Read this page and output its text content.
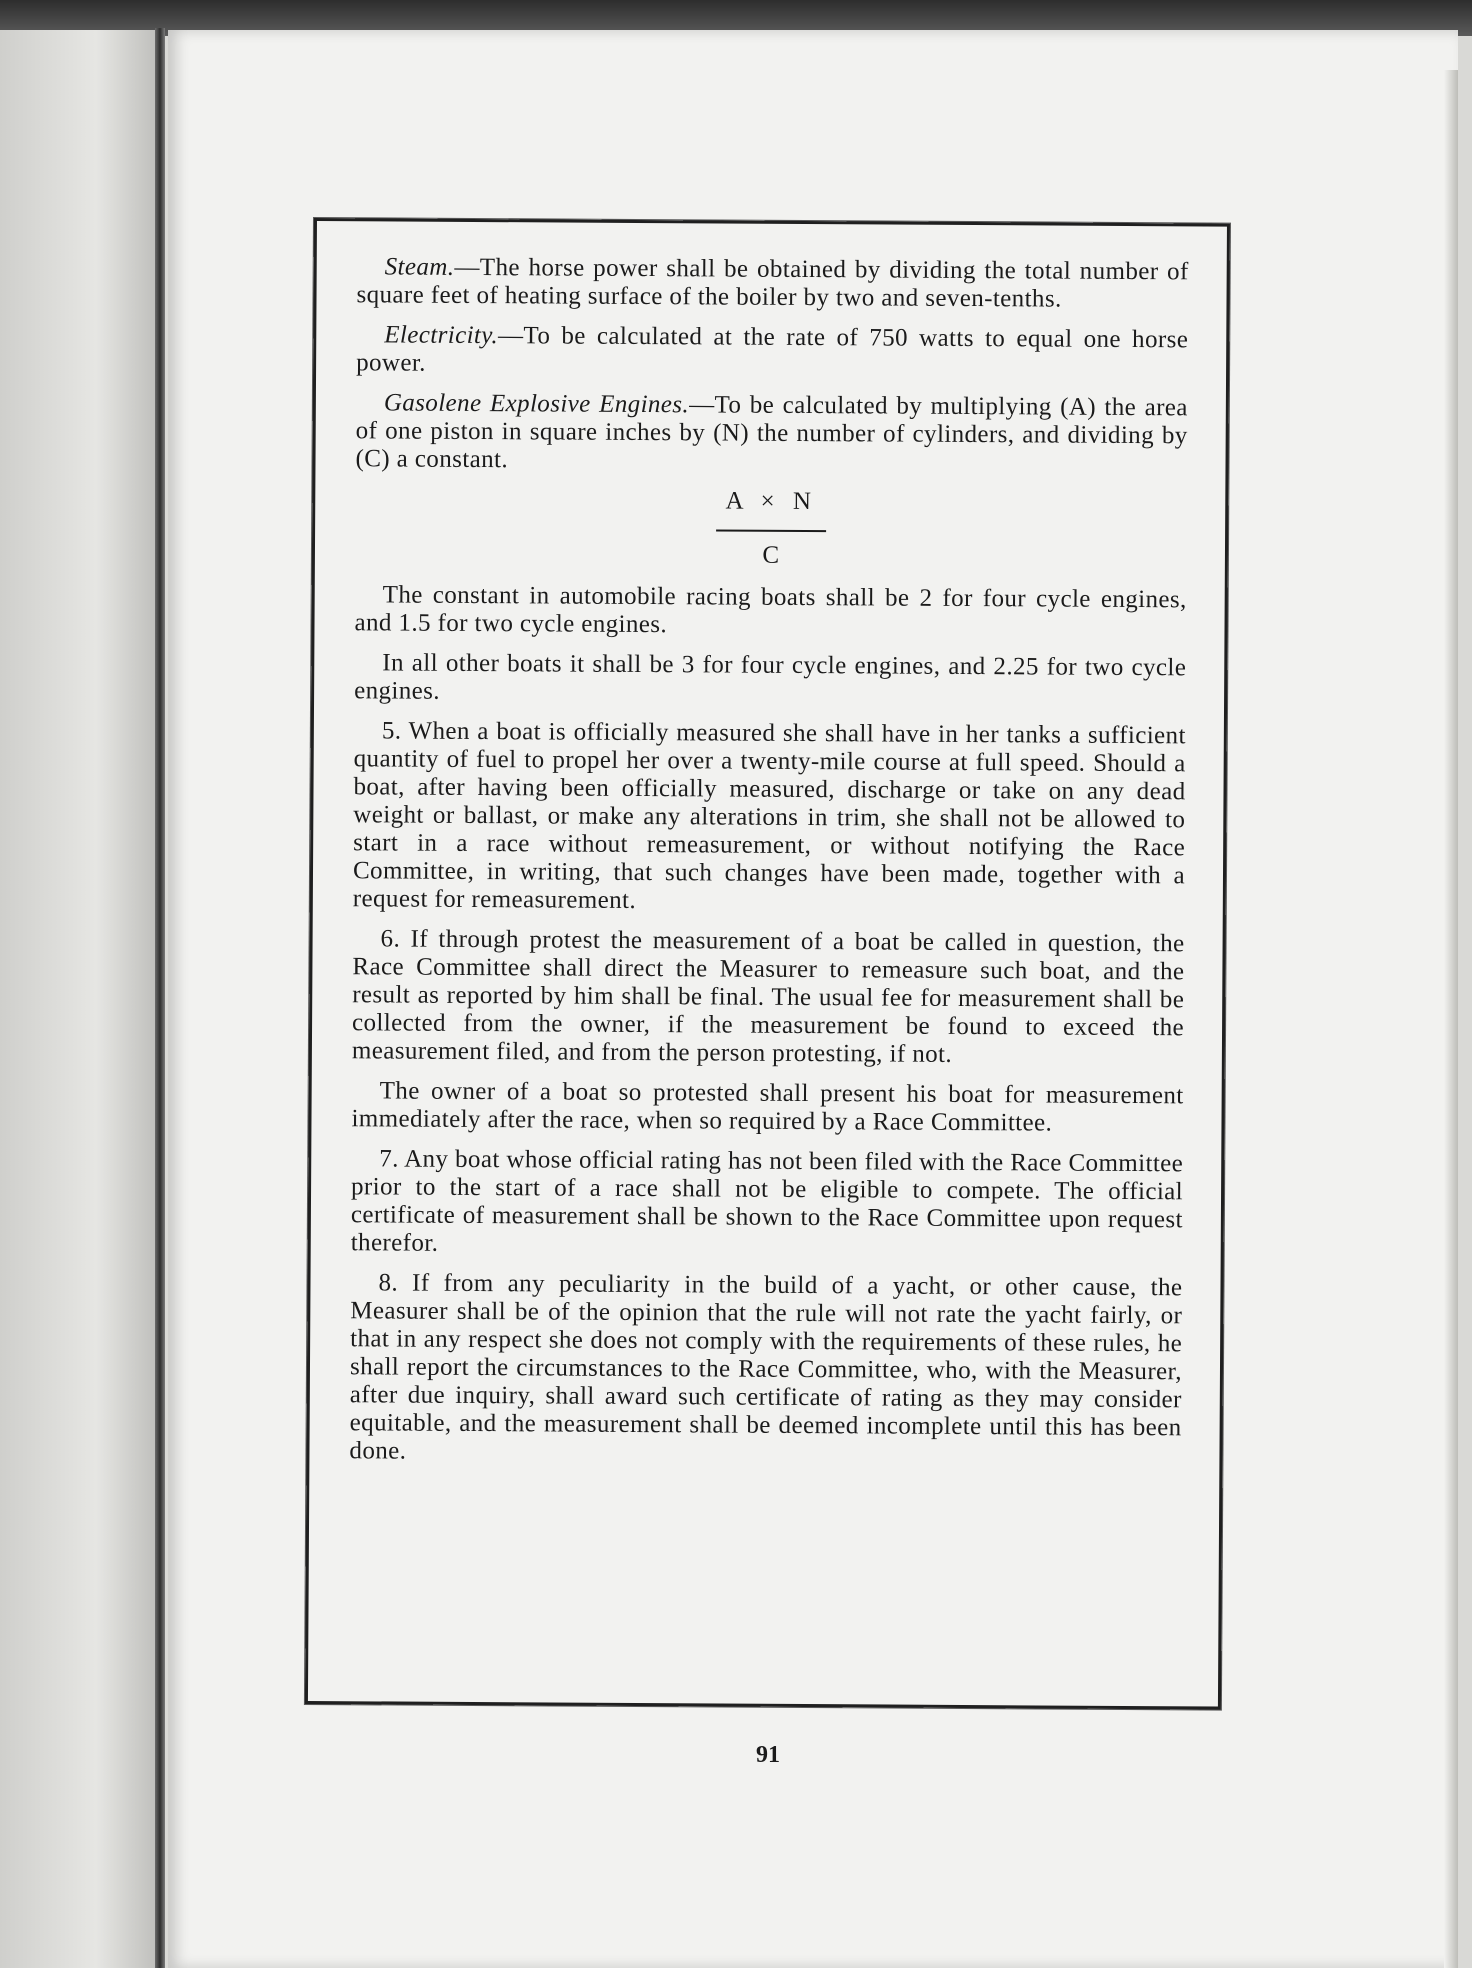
Steam.—The horse power shall be obtained by dividing the total number of square feet of heating surface of the boiler by two and seven-tenths.

Electricity.—To be calculated at the rate of 750 watts to equal one horse power.

Gasolene Explosive Engines.—To be calculated by multiplying (A) the area of one piston in square inches by (N) the number of cylinders, and dividing by (C) a constant.

A × N
C

The constant in automobile racing boats shall be 2 for four cycle engines, and 1.5 for two cycle engines.

In all other boats it shall be 3 for four cycle engines, and 2.25 for two cycle engines.

5. When a boat is officially measured she shall have in her tanks a sufficient quantity of fuel to propel her over a twenty-mile course at full speed. Should a boat, after having been officially measured, discharge or take on any dead weight or ballast, or make any alterations in trim, she shall not be allowed to start in a race without remeasurement, or without notifying the Race Committee, in writing, that such changes have been made, together with a request for remeasurement.

6. If through protest the measurement of a boat be called in question, the Race Committee shall direct the Measurer to remeasure such boat, and the result as reported by him shall be final. The usual fee for measurement shall be collected from the owner, if the measurement be found to exceed the measurement filed, and from the person protesting, if not.

The owner of a boat so protested shall present his boat for measurement immediately after the race, when so required by a Race Committee.

7. Any boat whose official rating has not been filed with the Race Committee prior to the start of a race shall not be eligible to compete. The official certificate of measurement shall be shown to the Race Committee upon request therefor.

8. If from any peculiarity in the build of a yacht, or other cause, the Measurer shall be of the opinion that the rule will not rate the yacht fairly, or that in any respect she does not comply with the requirements of these rules, he shall report the circumstances to the Race Committee, who, with the Measurer, after due inquiry, shall award such certificate of rating as they may consider equitable, and the measurement shall be deemed incomplete until this has been done.

91
